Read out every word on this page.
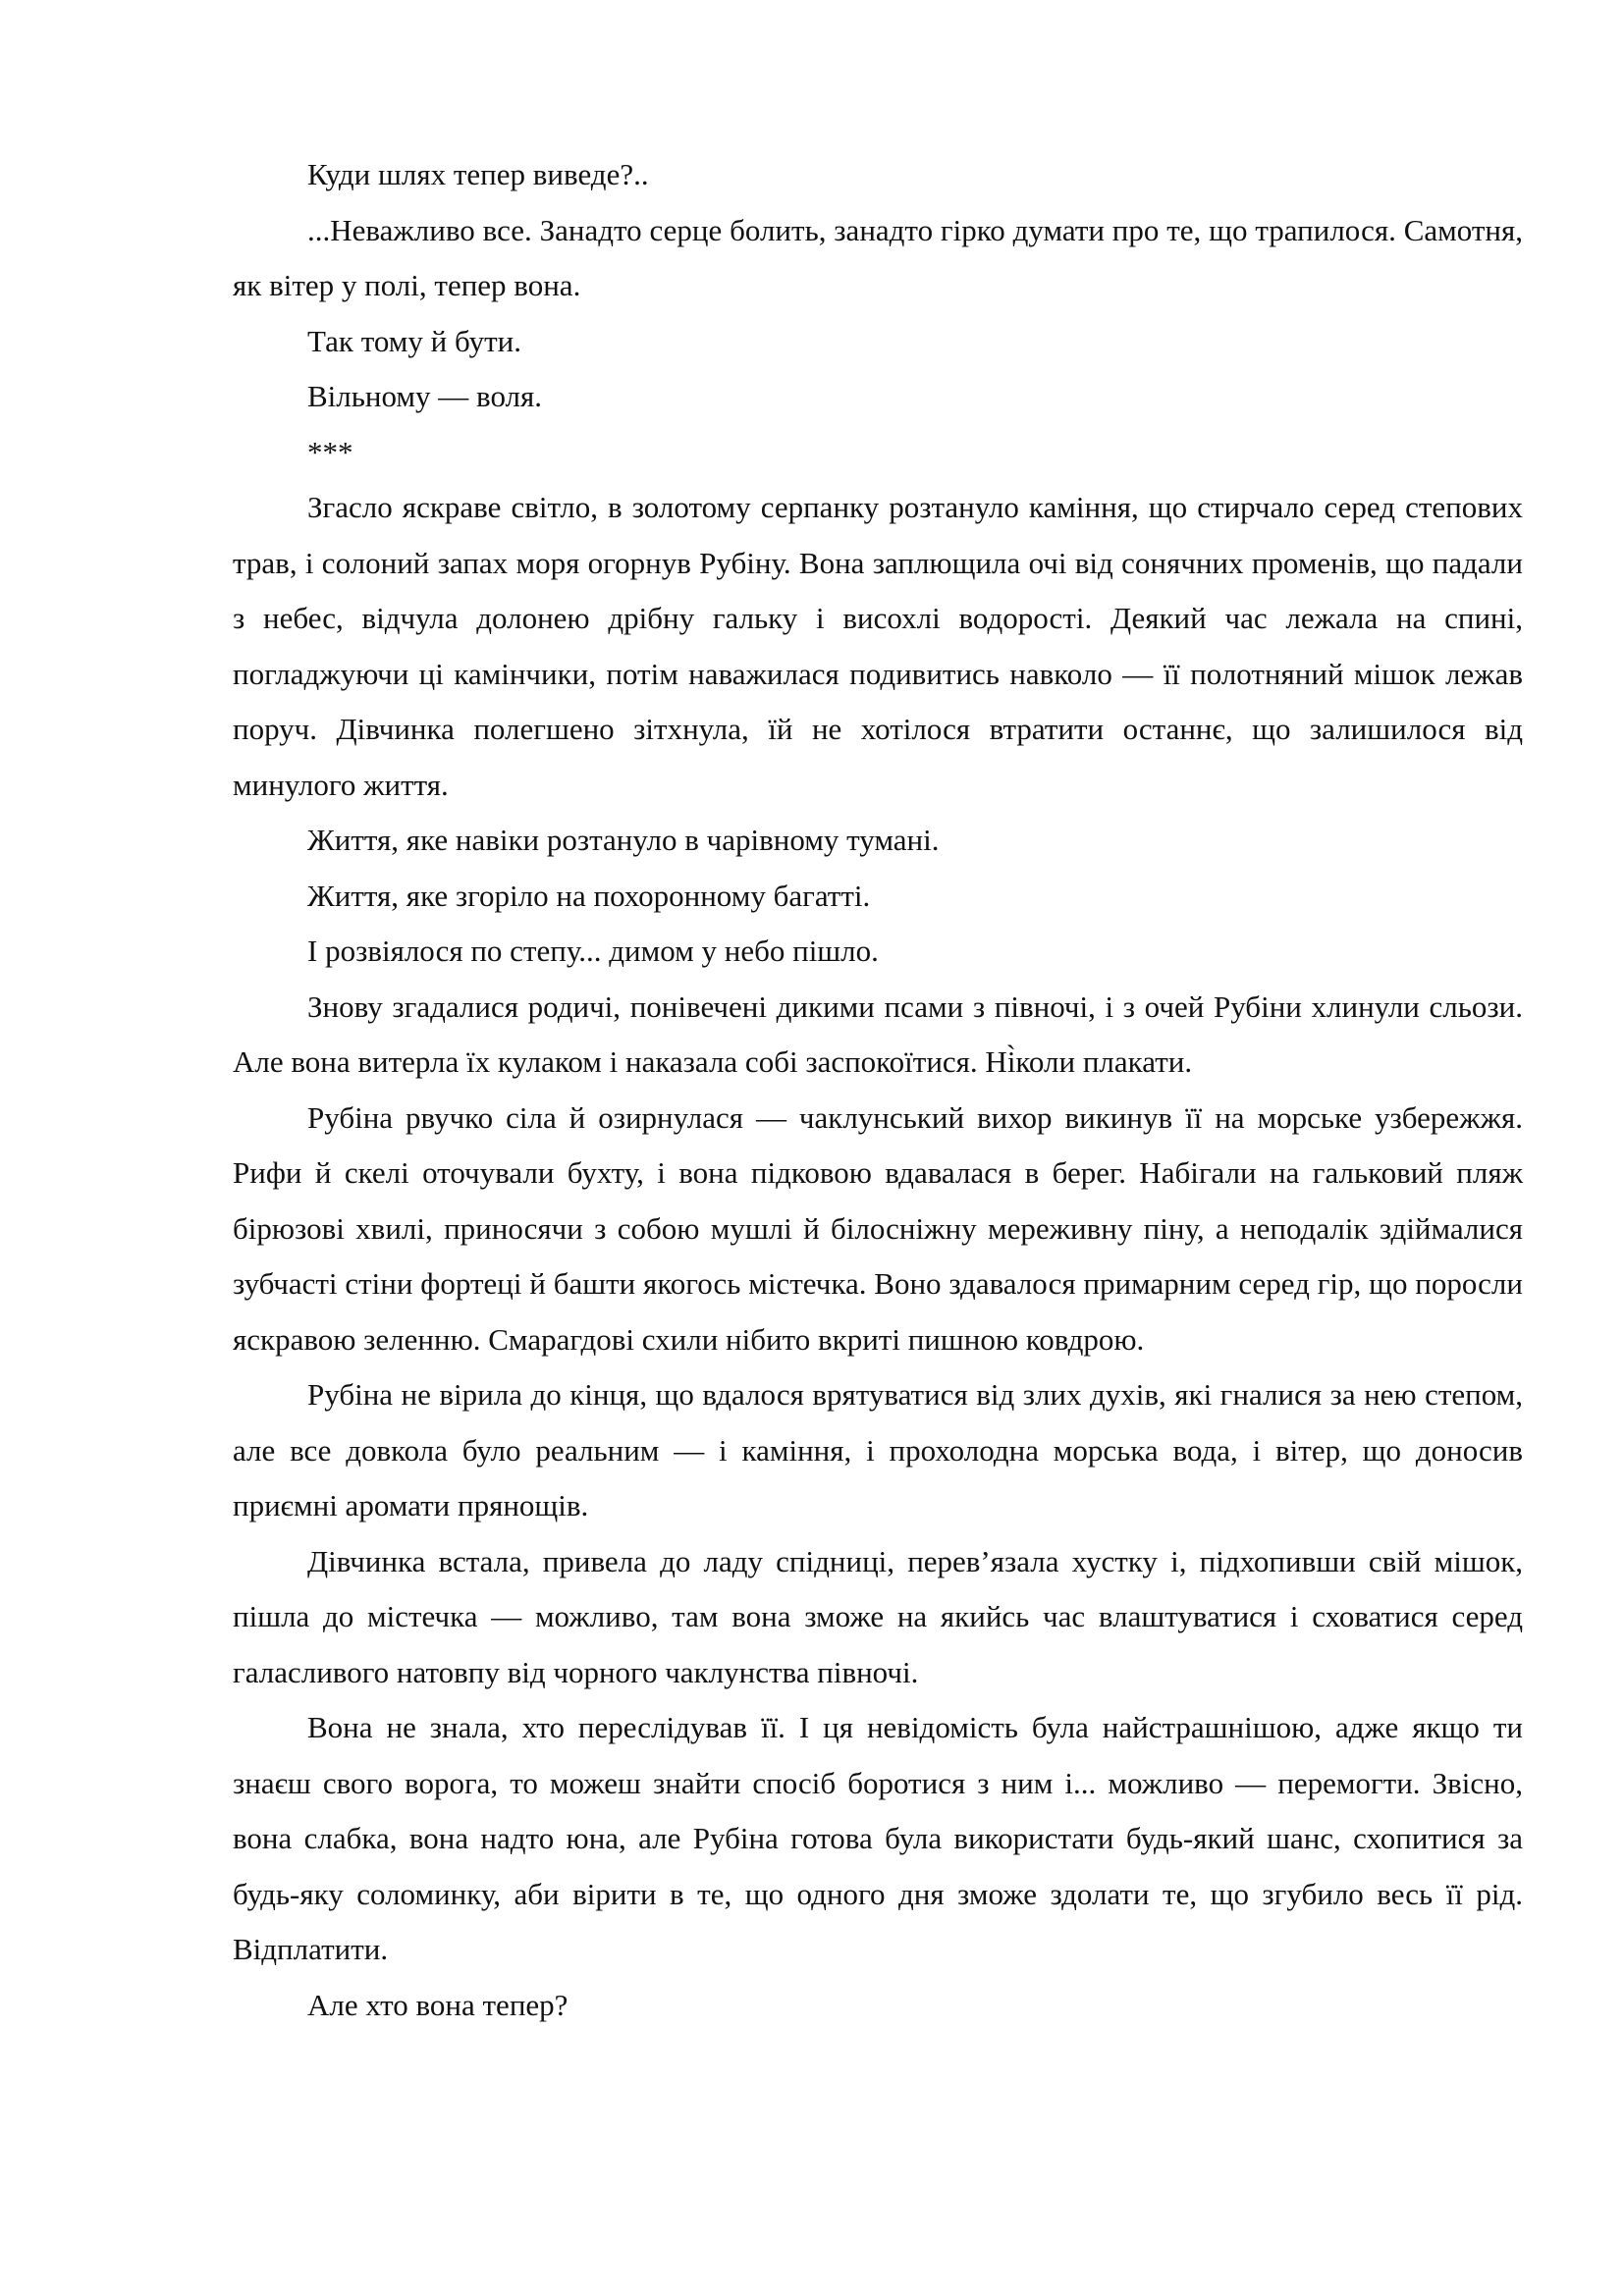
Куди шлях тепер виведе?..

...Неважливо все. Занадто серце болить, занадто гірко думати про те, що трапилося. Самотня, як вітер у полі, тепер вона.

Так тому й бути.

Вільному — воля.

***

Згасло яскраве світло, в золотому серпанку розтануло каміння, що стирчало серед степових трав, і солоний запах моря огорнув Рубіну. Вона заплющила очі від сонячних променів, що падали з небес, відчула долонею дрібну гальку і висохлі водорості. Деякий час лежала на спині, погладжуючи ці камінчики, потім наважилася подивитись навколо — її полотняний мішок лежав поруч. Дівчинка полегшено зітхнула, їй не хотілося втратити останнє, що залишилося від минулого життя.

Життя, яке навіки розтануло в чарівному тумані.

Життя, яке згоріло на похоронному багатті.

І розвіялося по степу... димом у небо пішло.

Знову згадалися родичі, понівечені дикими псами з півночі, і з очей Рубіни хлинули сльози. Але вона витерла їх кулаком і наказала собі заспокоїтися. Ні̀коли плакати.

Рубіна рвучко сіла й озирнулася — чаклунський вихор викинув її на морське узбережжя. Рифи й скелі оточували бухту, і вона підковою вдавалася в берег. Набігали на гальковий пляж бірюзові хвилі, приносячи з собою мушлі й білосніжну мереживну піну, а неподалік здіймалися зубчасті стіни фортеці й башти якогось містечка. Воно здавалося примарним серед гір, що поросли яскравою зеленню. Смарагдові схили нібито вкриті пишною ковдрою.

Рубіна не вірила до кінця, що вдалося врятуватися від злих духів, які гналися за нею степом, але все довкола було реальним — і каміння, і прохолодна морська вода, і вітер, що доносив приємні аромати прянощів.

Дівчинка встала, привела до ладу спідниці, перев’язала хустку і, підхопивши свій мішок, пішла до містечка — можливо, там вона зможе на якийсь час влаштуватися і сховатися серед галасливого натовпу від чорного чаклунства півночі.

Вона не знала, хто переслідував її. І ця невідомість була найстрашнішою, адже якщо ти знаєш свого ворога, то можеш знайти спосіб боротися з ним і... можливо — перемогти. Звісно, вона слабка, вона надто юна, але Рубіна готова була використати будь-який шанс, схопитися за будь-яку соломинку, аби вірити в те, що одного дня зможе здолати те, що згубило весь її рід. Відплатити.

Але хто вона тепер?
